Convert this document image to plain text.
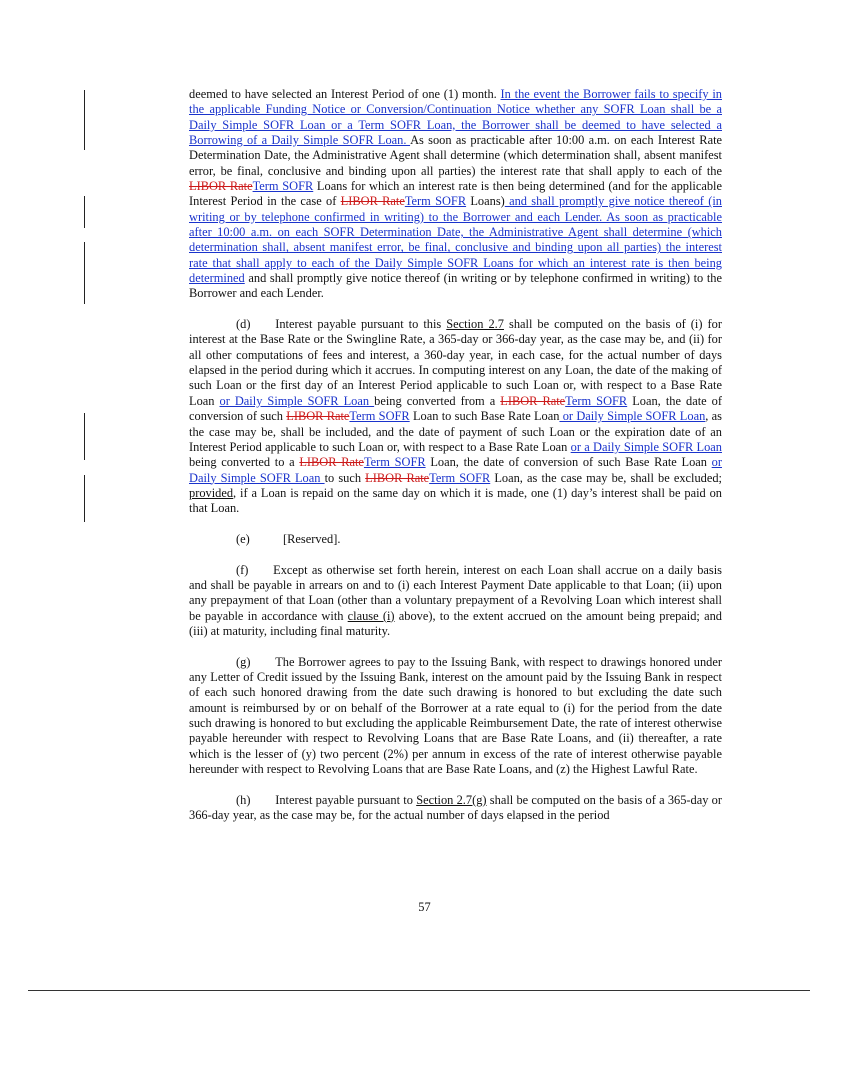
deemed to have selected an Interest Period of one (1) month. In the event the Borrower fails to specify in the applicable Funding Notice or Conversion/Continuation Notice whether any SOFR Loan shall be a Daily Simple SOFR Loan or a Term SOFR Loan, the Borrower shall be deemed to have selected a Borrowing of a Daily Simple SOFR Loan. As soon as practicable after 10:00 a.m. on each Interest Rate Determination Date, the Administrative Agent shall determine (which determination shall, absent manifest error, be final, conclusive and binding upon all parties) the interest rate that shall apply to each of the LIBOR RateTerm SOFR Loans for which an interest rate is then being determined (and for the applicable Interest Period in the case of LIBOR RateTerm SOFR Loans) and shall promptly give notice thereof (in writing or by telephone confirmed in writing) to the Borrower and each Lender. As soon as practicable after 10:00 a.m. on each SOFR Determination Date, the Administrative Agent shall determine (which determination shall, absent manifest error, be final, conclusive and binding upon all parties) the interest rate that shall apply to each of the Daily Simple SOFR Loans for which an interest rate is then being determined and shall promptly give notice thereof (in writing or by telephone confirmed in writing) to the Borrower and each Lender.

(d)  Interest payable pursuant to this Section 2.7 shall be computed on the basis of (i) for interest at the Base Rate or the Swingline Rate, a 365-day or 366-day year, as the case may be, and (ii) for all other computations of fees and interest, a 360-day year, in each case, for the actual number of days elapsed in the period during which it accrues. In computing interest on any Loan, the date of the making of such Loan or the first day of an Interest Period applicable to such Loan or, with respect to a Base Rate Loan or Daily Simple SOFR Loan being converted from a LIBOR RateTerm SOFR Loan, the date of conversion of such LIBOR RateTerm SOFR Loan to such Base Rate Loan or Daily Simple SOFR Loan, as the case may be, shall be included, and the date of payment of such Loan or the expiration date of an Interest Period applicable to such Loan or, with respect to a Base Rate Loan or a Daily Simple SOFR Loan being converted to a LIBOR RateTerm SOFR Loan, the date of conversion of such Base Rate Loan or Daily Simple SOFR Loan to such LIBOR RateTerm SOFR Loan, as the case may be, shall be excluded; provided, if a Loan is repaid on the same day on which it is made, one (1) day’s interest shall be paid on that Loan.

(e)	[Reserved].

(f)  Except as otherwise set forth herein, interest on each Loan shall accrue on a daily basis and shall be payable in arrears on and to (i) each Interest Payment Date applicable to that Loan; (ii) upon any prepayment of that Loan (other than a voluntary prepayment of a Revolving Loan which interest shall be payable in accordance with clause (i) above), to the extent accrued on the amount being prepaid; and (iii) at maturity, including final maturity.

(g)  The Borrower agrees to pay to the Issuing Bank, with respect to drawings honored under any Letter of Credit issued by the Issuing Bank, interest on the amount paid by the Issuing Bank in respect of each such honored drawing from the date such drawing is honored to but excluding the date such amount is reimbursed by or on behalf of the Borrower at a rate equal to (i) for the period from the date such drawing is honored to but excluding the applicable Reimbursement Date, the rate of interest otherwise payable hereunder with respect to Revolving Loans that are Base Rate Loans, and (ii) thereafter, a rate which is the lesser of (y) two percent (2%) per annum in excess of the rate of interest otherwise payable hereunder with respect to Revolving Loans that are Base Rate Loans, and (z) the Highest Lawful Rate.

(h)  Interest payable pursuant to Section 2.7(g) shall be computed on the basis of a 365-day or 366-day year, as the case may be, for the actual number of days elapsed in the period

57
